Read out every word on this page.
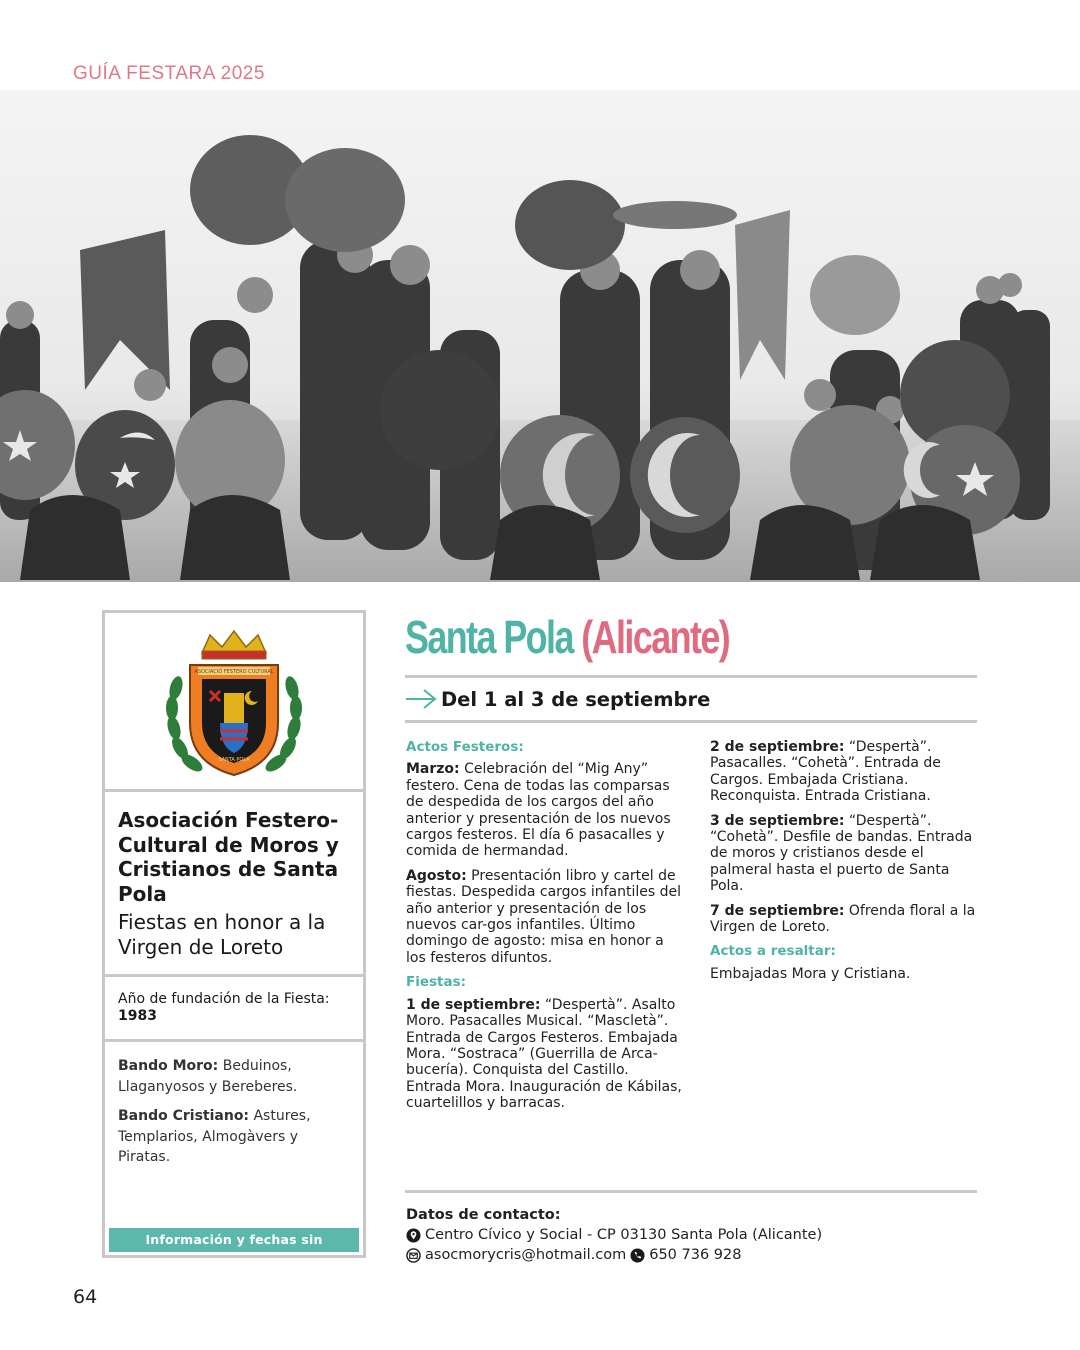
GUÍA FESTARA 2025
ASOCIACIÓ FESTERO CULTURAL
SANTA POLA

Asociación Festero-Cultural de Moros y Cristianos de Santa Pola

Fiestas en honor a la Virgen de Loreto
Año de fundación de la Fiesta: 1983

Bando Moro: Beduinos, Llaganyosos y Bereberes.

Bando Cristiano: Astures, Templarios, Almogàvers y Piratas.

Información y fechas sin confirmar
Santa Pola (Alicante)
Del 1 al 3 de septiembre

Actos Festeros:

Marzo: Celebración del “Mig Any” festero. Cena de todas las comparsas de despedida de los cargos del año anterior y presentación de los nuevos cargos festeros. El día 6 pasacalles y comida de hermandad.

Agosto: Presentación libro y cartel de fiestas. Despedida cargos infantiles del año anterior y presentación de los nuevos car-gos infantiles. Último domingo de agosto: misa en honor a los festeros difuntos.

Fiestas:

1 de septiembre: “Despertà”. Asalto Moro. Pasacalles Musical. “Mascletà”. Entrada de Cargos Festeros. Embajada Mora. “Sostraca” (Guerrilla de Arca-bucería). Conquista del Castillo. Entrada Mora. Inauguración de Kábilas, cuartelillos y barracas.

2 de septiembre: “Despertà”. Pasacalles. “Cohetà”. Entrada de Cargos. Embajada Cristiana. Reconquista. Entrada Cristiana.

3 de septiembre: “Despertà”. “Cohetà”. Desfile de bandas. Entrada de moros y cristianos desde el palmeral hasta el puerto de Santa Pola.

7 de septiembre: Ofrenda floral a la Virgen de Loreto.

Actos a resaltar:

Embajadas Mora y Cristiana.

Datos de contacto:
Centro Cívico y Social - CP 03130 Santa Pola (Alicante)
asocmorycris@hotmail.com 650 736 928
64
